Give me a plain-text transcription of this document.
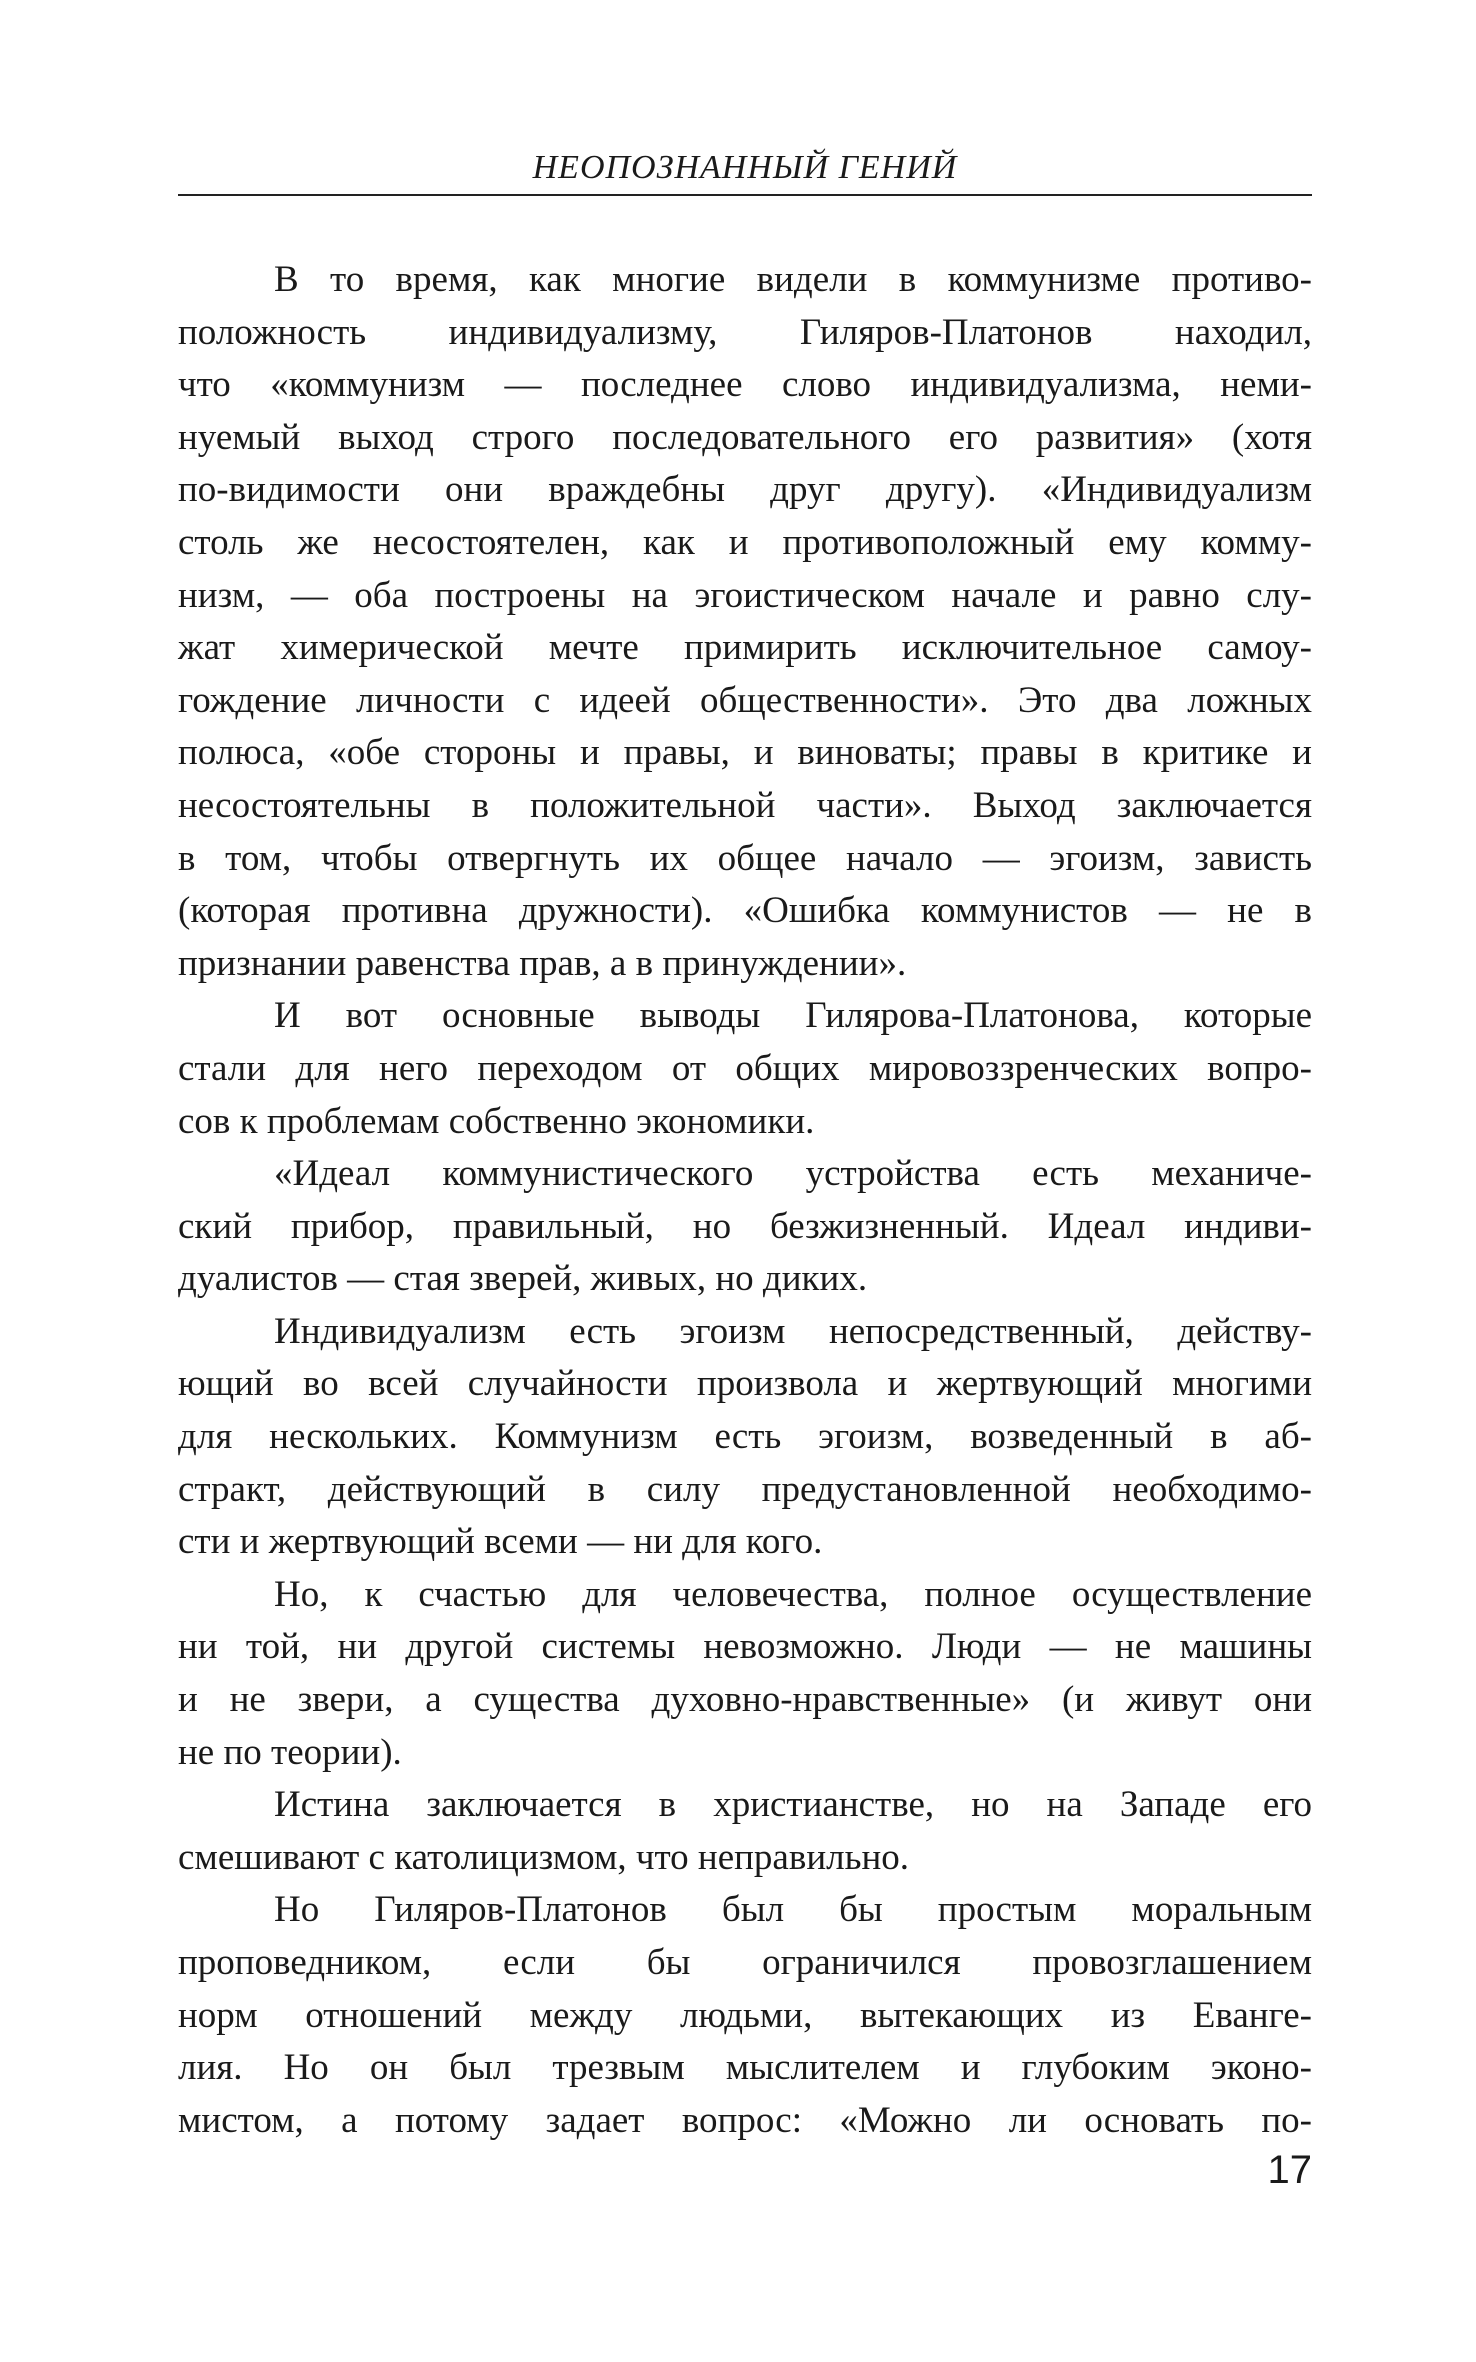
НЕОПОЗНАННЫЙ ГЕНИЙ
В то время, как многие видели в коммунизме противо-
положность индивидуализму, Гиляров-Платонов находил,
что «коммунизм — последнее слово индивидуализма, неми-
нуемый выход строго последовательного его развития» (хотя
по-видимости они враждебны друг другу). «Индивидуализм
столь же несостоятелен, как и противоположный ему комму-
низм, — оба построены на эгоистическом начале и равно слу-
жат химерической мечте примирить исключительное самоу-
гождение личности с идеей общественности». Это два ложных
полюса, «обе стороны и правы, и виноваты; правы в критике и
несостоятельны в положительной части». Выход заключается
в том, чтобы отвергнуть их общее начало — эгоизм, зависть
(которая противна дружности). «Ошибка коммунистов — не в
признании равенства прав, а в принуждении».
И вот основные выводы Гилярова-Платонова, которые
стали для него переходом от общих мировоззренческих вопро-
сов к проблемам собственно экономики.
«Идеал коммунистического устройства есть механиче-
ский прибор, правильный, но безжизненный. Идеал индиви-
дуалистов — стая зверей, живых, но диких.
Индивидуализм есть эгоизм непосредственный, действу-
ющий во всей случайности произвола и жертвующий многими
для нескольких. Коммунизм есть эгоизм, возведенный в аб-
стракт, действующий в силу предустановленной необходимо-
сти и жертвующий всеми — ни для кого.
Но, к счастью для человечества, полное осуществление
ни той, ни другой системы невозможно. Люди — не машины
и не звери, а существа духовно-нравственные» (и живут они
не по теории).
Истина заключается в христианстве, но на Западе его
смешивают с католицизмом, что неправильно.
Но Гиляров-Платонов был бы простым моральным
проповедником, если бы ограничился провозглашением
норм отношений между людьми, вытекающих из Еванге-
лия. Но он был трезвым мыслителем и глубоким эконо-
мистом, а потому задает вопрос: «Можно ли основать по-
17
